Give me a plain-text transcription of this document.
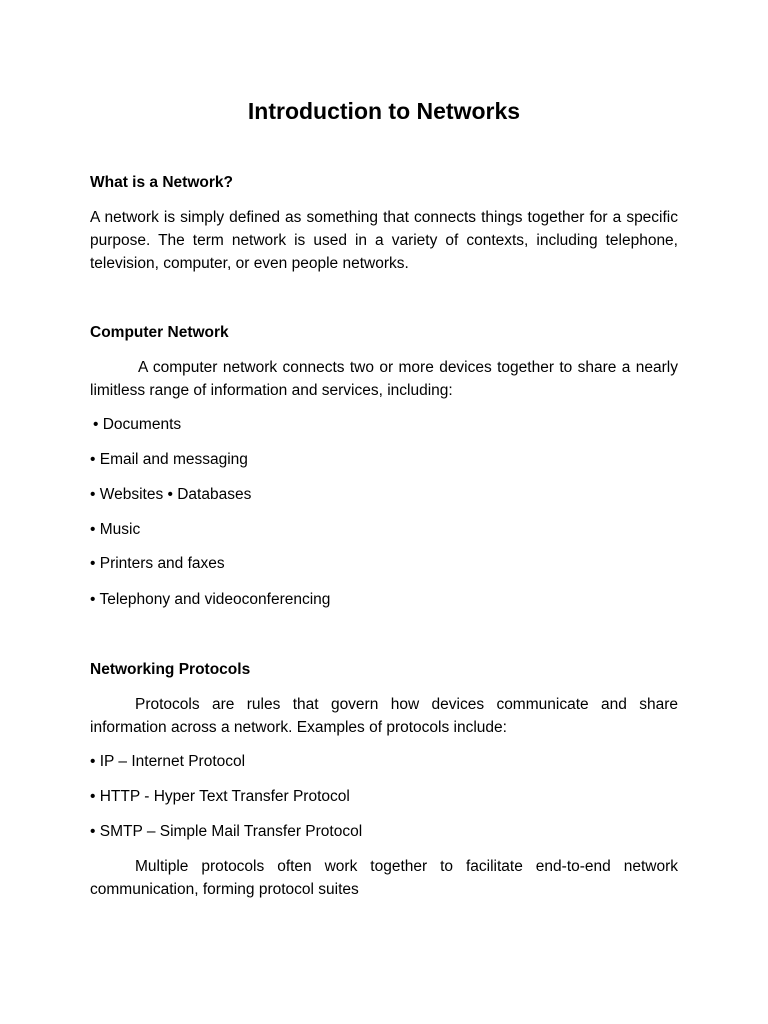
Introduction to Networks

What is a Network?

A network is simply defined as something that connects things together for a specific purpose. The term network is used in a variety of contexts, including telephone, television, computer, or even people networks.

Computer Network

A computer network connects two or more devices together to share a nearly limitless range of information and services, including:

• Documents

• Email and messaging

• Websites • Databases

• Music

• Printers and faxes

• Telephony and videoconferencing

Networking Protocols

Protocols are rules that govern how devices communicate and share information across a network. Examples of protocols include:

• IP – Internet Protocol

• HTTP - Hyper Text Transfer Protocol

• SMTP – Simple Mail Transfer Protocol

Multiple protocols often work together to facilitate end-to-end network communication, forming protocol suites
